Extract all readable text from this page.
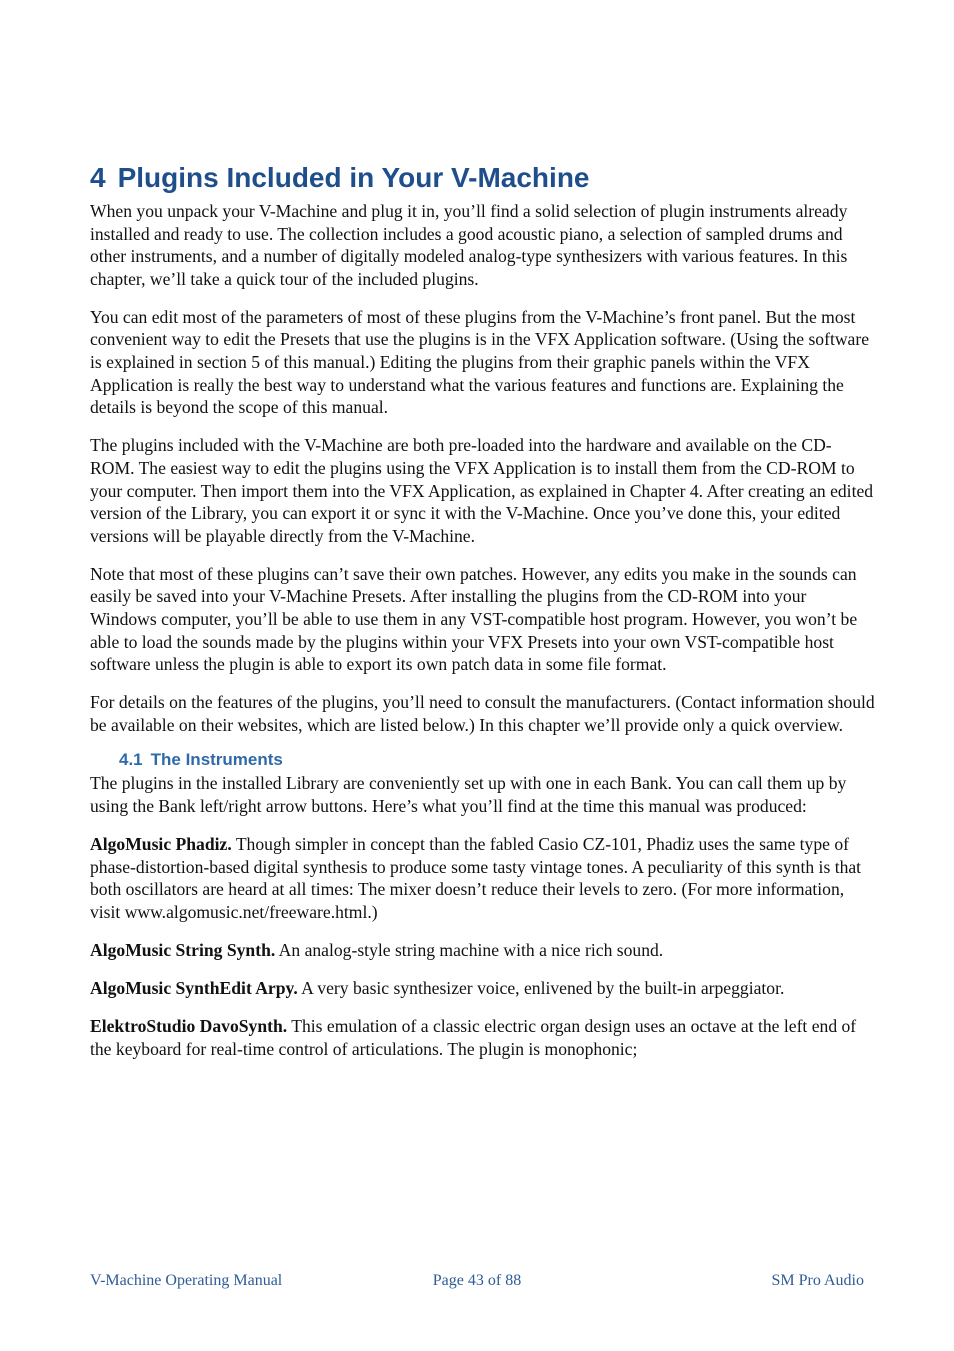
4 Plugins Included in Your V-Machine

When you unpack your V-Machine and plug it in, you’ll find a solid selection of plugin instruments already installed and ready to use. The collection includes a good acoustic piano, a selection of sampled drums and other instruments, and a number of digitally modeled analog-type synthesizers with various features. In this chapter, we’ll take a quick tour of the included plugins.

You can edit most of the parameters of most of these plugins from the V-Machine’s front panel. But the most convenient way to edit the Presets that use the plugins is in the VFX Application software. (Using the software is explained in section 5 of this manual.) Editing the plugins from their graphic panels within the VFX Application is really the best way to understand what the various features and functions are. Explaining the details is beyond the scope of this manual.

The plugins included with the V-Machine are both pre-loaded into the hardware and available on the CD-ROM. The easiest way to edit the plugins using the VFX Application is to install them from the CD-ROM to your computer. Then import them into the VFX Application, as explained in Chapter 4. After creating an edited version of the Library, you can export it or sync it with the V-Machine. Once you’ve done this, your edited versions will be playable directly from the V-Machine.

Note that most of these plugins can’t save their own patches. However, any edits you make in the sounds can easily be saved into your V-Machine Presets. After installing the plugins from the CD-ROM into your Windows computer, you’ll be able to use them in any VST-compatible host program. However, you won’t be able to load the sounds made by the plugins within your VFX Presets into your own VST-compatible host software unless the plugin is able to export its own patch data in some file format.

For details on the features of the plugins, you’ll need to consult the manufacturers. (Contact information should be available on their websites, which are listed below.) In this chapter we’ll provide only a quick overview.

4.1 The Instruments

The plugins in the installed Library are conveniently set up with one in each Bank. You can call them up by using the Bank left/right arrow buttons. Here’s what you’ll find at the time this manual was produced:

AlgoMusic Phadiz. Though simpler in concept than the fabled Casio CZ-101, Phadiz uses the same type of phase-distortion-based digital synthesis to produce some tasty vintage tones. A peculiarity of this synth is that both oscillators are heard at all times: The mixer doesn’t reduce their levels to zero. (For more information, visit www.algomusic.net/freeware.html.)

AlgoMusic String Synth. An analog-style string machine with a nice rich sound.

AlgoMusic SynthEdit Arpy. A very basic synthesizer voice, enlivened by the built-in arpeggiator.

ElektroStudio DavoSynth. This emulation of a classic electric organ design uses an octave at the left end of the keyboard for real-time control of articulations. The plugin is monophonic;

V-Machine Operating Manual	Page 43 of 88	SM Pro Audio
